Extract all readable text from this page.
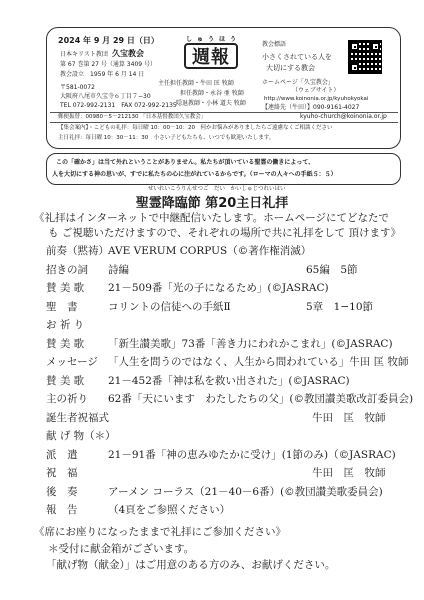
2024 年 9 月 29 日（日）
日本キリスト教団 久宝教会
第 67 巻第 27 号（通算 3409 号）
教会設立　1959 年 6 月 14 日
〒581-0072
大阪府八尾市久宝寺６丁目７−30
TEL 072-992-2131　FAX 072-992-2135
しゅうほう
週報
主任担任教師・牛田 匡 牧師
担任教師・永谷 亜 牧師
隠退教師・小林 道夫 牧師
教会標語
小さくされている人を
大切にする教会
ホームページ「久宝教会」
（ウェブサイト）
http://www.koinonia.or.jp/kyuhokyokai
【連絡先（牛田）】090-9161-4027
kyuho-church@koinonia.or.jp
郵便振替：00980－5－212130 「日本基督教団久宝教会」
【集会案内】・こどもの礼拝：毎日曜 10：00－10：20　何かお悩みがありましたらご遠慮なくご相談ください
主日礼拝：毎日曜 10：30－11：30　小さい子どもたちも、いつでも歓迎いたします。
この「確かさ」は当て外れということがありません。私たちが頂いている聖霊の働きによって、
人を大切にする神の思いが、すでに私たちの心に注がれているからです。（ローマの人々への手紙５：５）
せいれいこうりんせつご　だい　かいしゅじつれいはい
聖霊降臨節 第20主日礼拝
《礼拝はインターネットで中継配信いたします。ホームページにてどなたで
も ご視聴いただけますので、それぞれの場所で共に礼拝をして 頂けます》
前奏（黙祷）AVE VERUM CORPUS（©著作権消滅）
招きの詞 詩編	65編　5節
賛 美 歌 21－509番「光の子になるため」(©JASRAC)
聖　書	コリントの信徒への手紙Ⅱ	5章　1−10節
お 祈 り
賛 美 歌 「新生讃美歌」73番「善き力にわれかこまれ」(©JASRAC)
メッセージ 「人生を問うのではなく、人生から問われている」牛田 匡 牧師
賛 美 歌 21－452番「神は私を救い出された」(©JASRAC)
主の祈り 62番「天にいます　わたしたちの父」(©教団讃美歌改訂委員会)
誕生者祝福式	牛田　匡　牧師
献 げ 物（＊）
派　遣	21－91番「神の恵みゆたかに受け」(1節のみ)（©JASRAC)
祝　福	牛田　匡　牧師
後　奏	アーメン コーラス（21－40－6番）(©教団讃美歌委員会)
報　告	（4頁をご参照ください）
《席にお座りになったままで礼拝にご参加ください》
＊受付に献金箱がございます。
「献げ物（献金）」はご用意のある方のみ、お献げください。
